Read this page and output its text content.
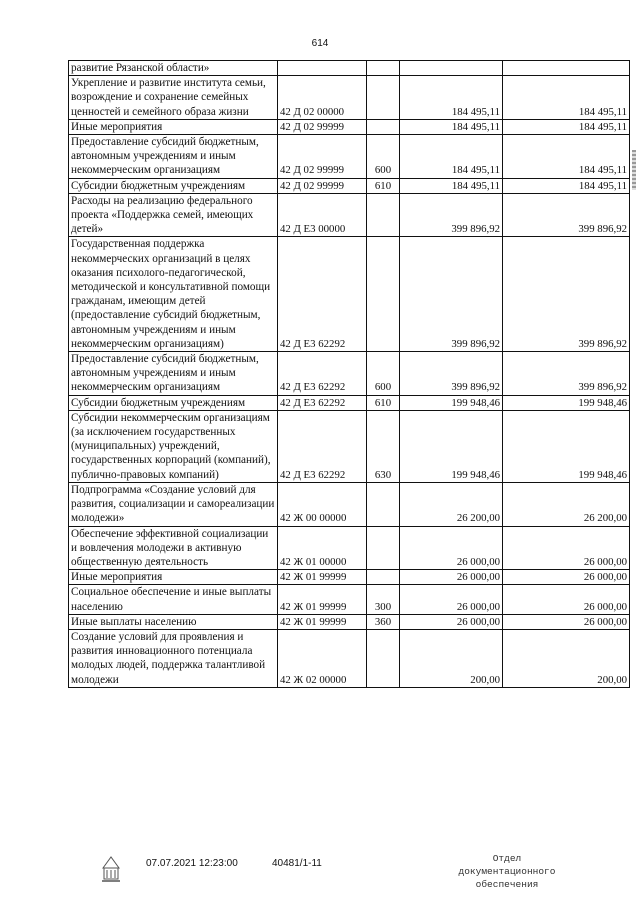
614
развитие Рязанской области»				
Укрепление и развитие института семьи, возрождение и сохранение семейных ценностей и семейного образа жизни	42 Д 02 00000		184 495,11	184 495,11
Иные мероприятия	42 Д 02 99999		184 495,11	184 495,11
Предоставление субсидий бюджетным, автономным учреждениям и иным некоммерческим организациям	42 Д 02 99999	600	184 495,11	184 495,11
Субсидии бюджетным учреждениям	42 Д 02 99999	610	184 495,11	184 495,11
Расходы на реализацию федерального проекта «Поддержка семей, имеющих детей»	42 Д Е3 00000		399 896,92	399 896,92
Государственная поддержка некоммерческих организаций в целях оказания психолого-педагогической, методической и консультативной помощи гражданам, имеющим детей (предоставление субсидий бюджетным, автономным учреждениям и иным некоммерческим организациям)	42 Д Е3 62292		399 896,92	399 896,92
Предоставление субсидий бюджетным, автономным учреждениям и иным некоммерческим организациям	42 Д Е3 62292	600	399 896,92	399 896,92
Субсидии бюджетным учреждениям	42 Д Е3 62292	610	199 948,46	199 948,46
Субсидии некоммерческим организациям (за исключением государственных (муниципальных) учреждений, государственных корпораций (компаний), публично-правовых компаний)	42 Д Е3 62292	630	199 948,46	199 948,46
Подпрограмма «Создание условий для развития, социализации и самореализации молодежи»	42 Ж 00 00000		26 200,00	26 200,00
Обеспечение эффективной социализации и вовлечения молодежи в активную общественную деятельность	42 Ж 01 00000		26 000,00	26 000,00
Иные мероприятия	42 Ж 01 99999		26 000,00	26 000,00
Социальное обеспечение и иные выплаты населению	42 Ж 01 99999	300	26 000,00	26 000,00
Иные выплаты населению	42 Ж 01 99999	360	26 000,00	26 000,00
Создание условий для проявления и развития инновационного потенциала молодых людей, поддержка талантливой молодежи	42 Ж 02 00000		200,00	200,00
07.07.2021 12:23:00	40481/1-11	Отдел документационного
обеспечения
